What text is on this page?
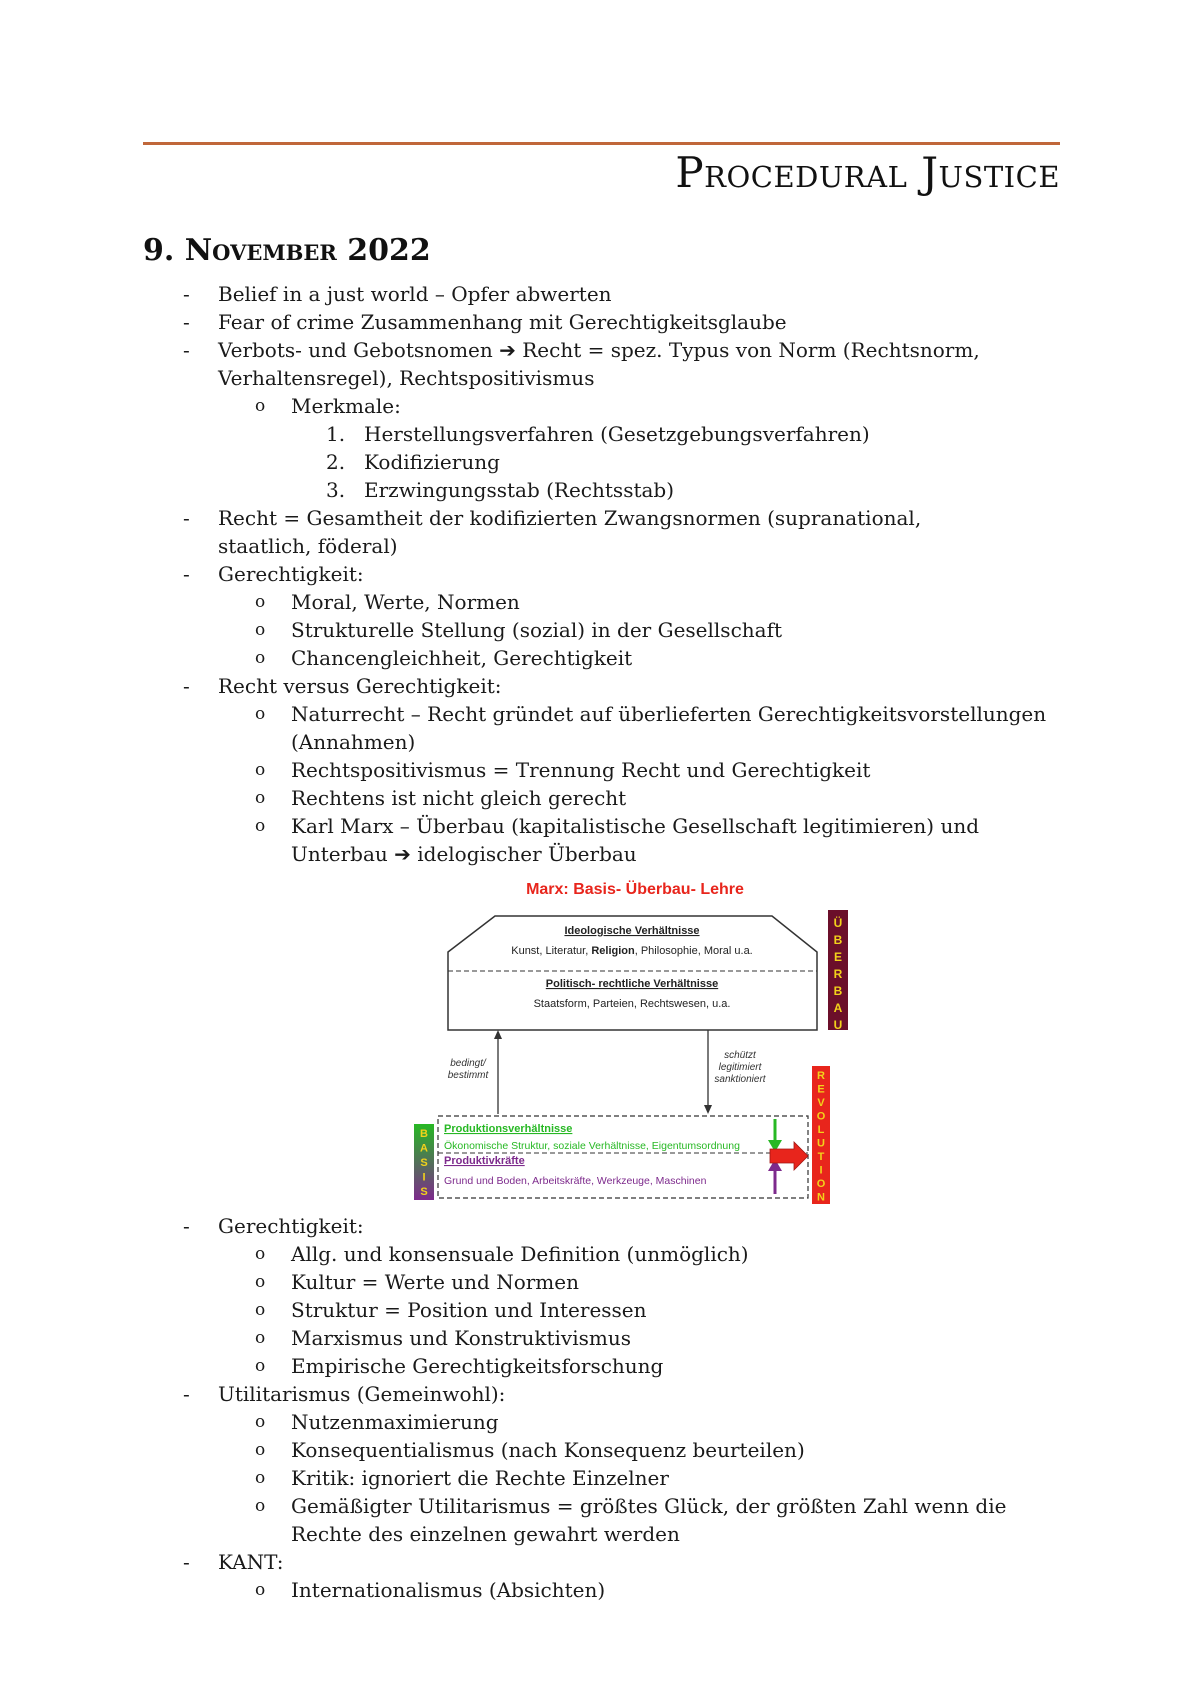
Procedural Justice
9. November 2022
- Belief in a just world – Opfer abwerten
- Fear of crime Zusammenhang mit Gerechtigkeitsglaube
- Verbots- und Gebotsnomen ➔ Recht = spez. Typus von Norm (Rechtsnorm, Verhaltensregel), Rechtspositivismus
o Merkmale:
1. Herstellungsverfahren (Gesetzgebungsverfahren)
2. Kodifizierung
3. Erzwingungsstab (Rechtsstab)
- Recht = Gesamtheit der kodifizierten Zwangsnormen (supranational, staatlich, föderal)
- Gerechtigkeit:
o Moral, Werte, Normen
o Strukturelle Stellung (sozial) in der Gesellschaft
o Chancengleichheit, Gerechtigkeit
- Recht versus Gerechtigkeit:
o Naturrecht – Recht gründet auf überlieferten Gerechtigkeitsvorstellungen (Annahmen)
o Rechtspositivismus = Trennung Recht und Gerechtigkeit
o Rechtens ist nicht gleich gerecht
o Karl Marx – Überbau (kapitalistische Gesellschaft legitimieren) und Unterbau ➔ idelogischer Überbau
Marx: Basis- Überbau- Lehre
Ideologische Verhältnisse
Kunst, Literatur, Religion, Philosophie, Moral u.a.
Politisch- rechtliche Verhältnisse
Staatsform, Parteien, Rechtswesen, u.a.
Ü
B
E
R
B
A
U
bedingt/
bestimmt
schützt
legitimiert
sanktioniert
Produktionsverhältnisse
Ökonomische Struktur, soziale Verhältnisse, Eigentumsordnung
Produktivkräfte
Grund und Boden, Arbeitskräfte, Werkzeuge, Maschinen
B
A
S
I
S
R
E
V
O
L
U
T
I
O
N
- Gerechtigkeit:
o Allg. und konsensuale Definition (unmöglich)
o Kultur = Werte und Normen
o Struktur = Position und Interessen
o Marxismus und Konstruktivismus
o Empirische Gerechtigkeitsforschung
- Utilitarismus (Gemeinwohl):
o Nutzenmaximierung
o Konsequentialismus (nach Konsequenz beurteilen)
o Kritik: ignoriert die Rechte Einzelner
o Gemäßigter Utilitarismus = größtes Glück, der größten Zahl wenn die Rechte des einzelnen gewahrt werden
- KANT:
o Internationalismus (Absichten)
